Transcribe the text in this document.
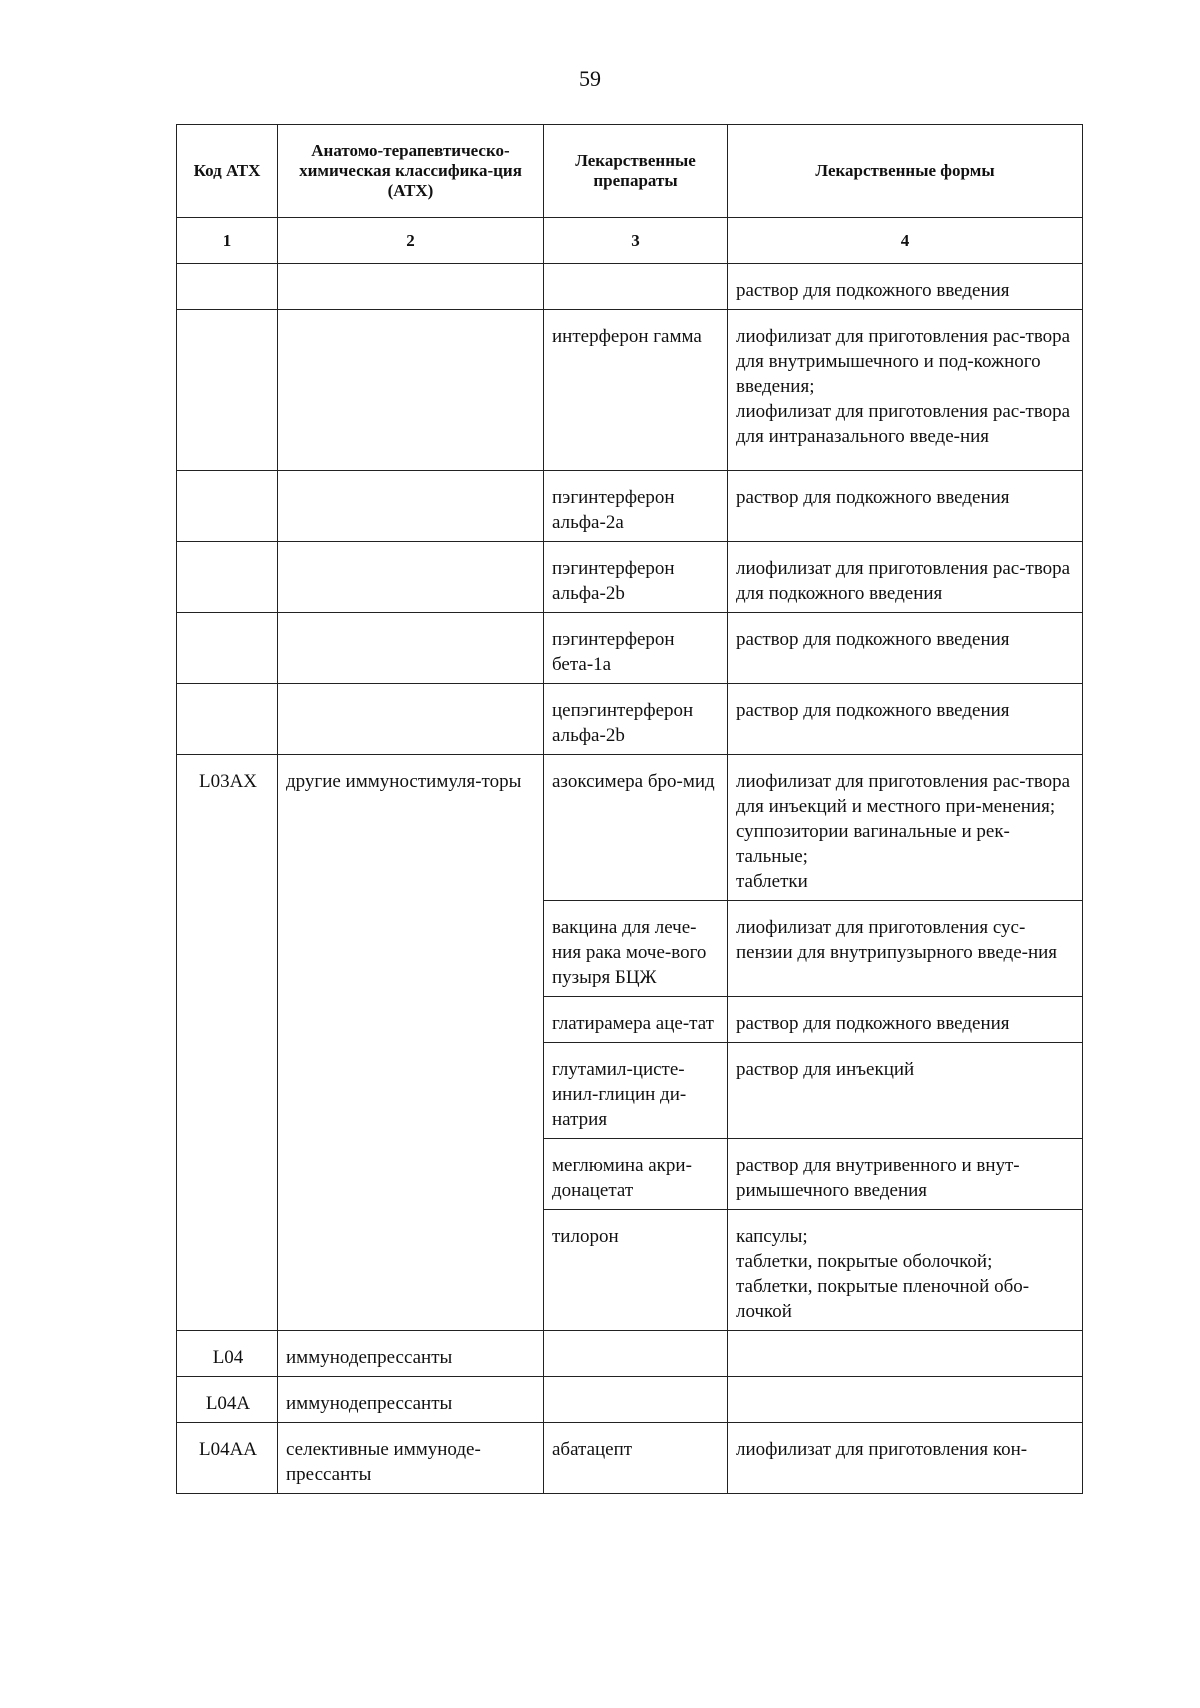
59
Код АТХ	Анатомо-терапевтическо-химическая классифика-ция (АТХ)	Лекарственные препараты	Лекарственные формы
1	2	3	4
			раствор для подкожного введения
		интерферон гамма	лиофилизат для приготовления рас-твора для внутримышечного и под-кожного введения;
лиофилизат для приготовления рас-твора для интраназального введе-ния
		пэгинтерферон альфа-2а	раствор для подкожного введения
		пэгинтерферон альфа-2b	лиофилизат для приготовления рас-твора для подкожного введения
		пэгинтерферон бета-1а	раствор для подкожного введения
		цепэгинтерферон альфа-2b	раствор для подкожного введения
L03AX	другие иммуностимуля-торы	азоксимера бро-мид	лиофилизат для приготовления рас-твора для инъекций и местного при-менения;
суппозитории вагинальные и рек-тальные;
таблетки
		вакцина для лече-ния рака моче-вого пузыря БЦЖ	лиофилизат для приготовления сус-пензии для внутрипузырного введе-ния
		глатирамера аце-тат	раствор для подкожного введения
		глутамил-цисте-инил-глицин ди-натрия	раствор для инъекций
		меглюмина акри-донацетат	раствор для внутривенного и внут-римышечного введения
		тилорон	капсулы;
таблетки, покрытые оболочкой;
таблетки, покрытые пленочной обо-лочкой
L04	иммунодепрессанты		
L04A	иммунодепрессанты		
L04AA	селективные иммуноде-прессанты	абатацепт	лиофилизат для приготовления кон-
